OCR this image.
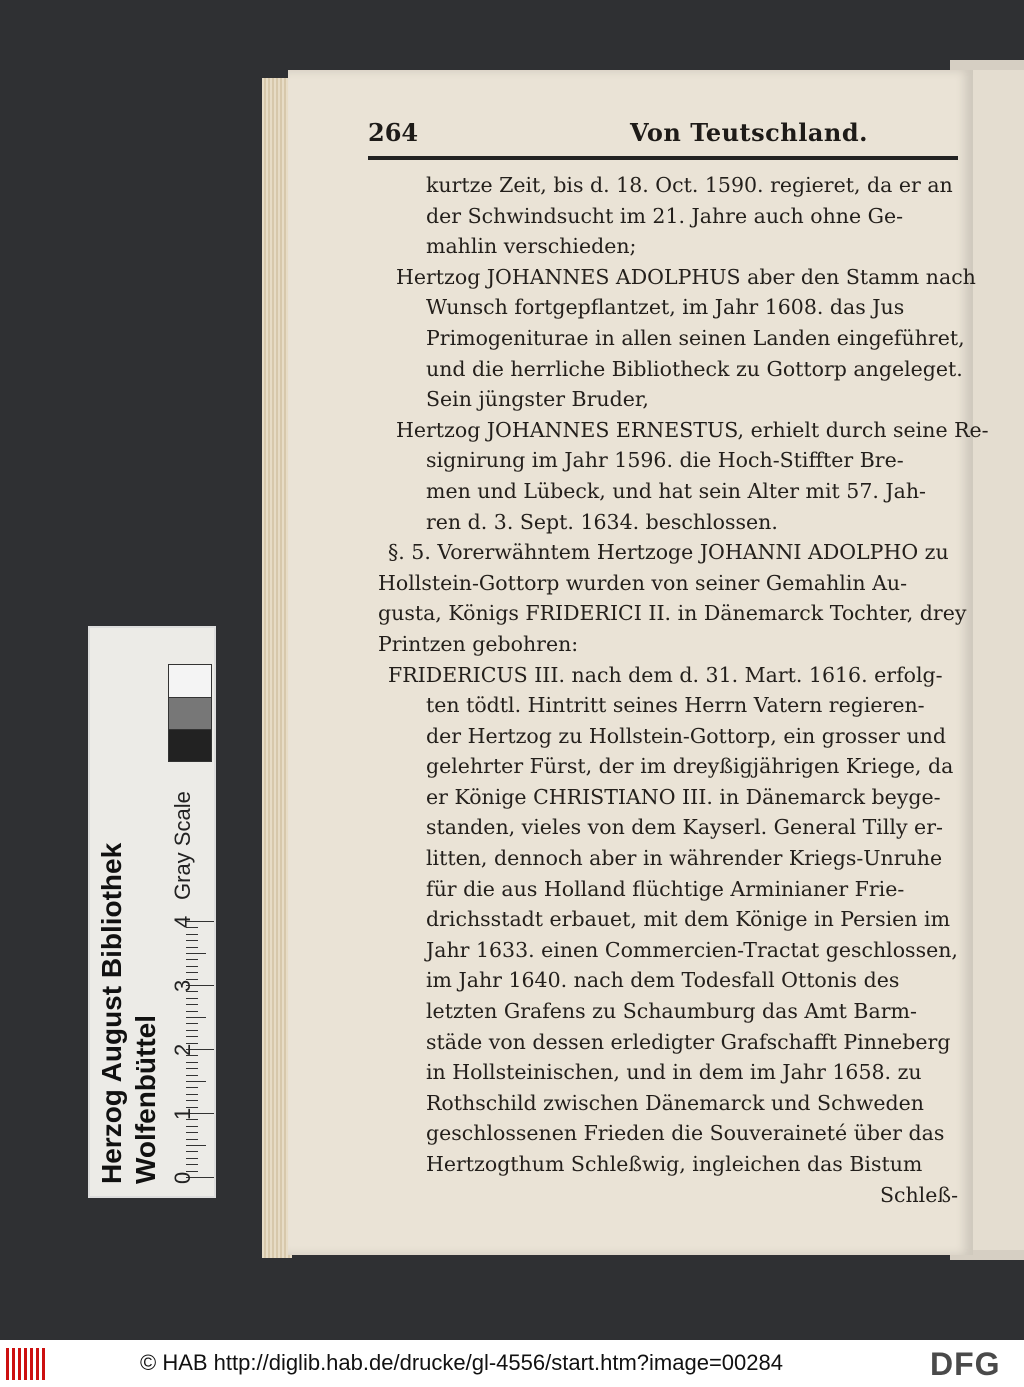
264	Von Teutschland.
kurtze Zeit, bis d. 18. Oct. 1590. regieret, da er an
der Schwindsucht im 21. Jahre auch ohne Ge-
mahlin verschieden;
Hertzog JOHANNES ADOLPHUS aber den Stamm nach
Wunsch fortgepflantzet, im Jahr 1608. das Jus
Primogeniturae in allen seinen Landen eingeführet,
und die herrliche Bibliotheck zu Gottorp angeleget.
Sein jüngster Bruder,
Hertzog JOHANNES ERNESTUS, erhielt durch seine Re-
signirung im Jahr 1596. die Hoch-Stiffter Bre-
men und Lübeck, und hat sein Alter mit 57. Jah-
ren d. 3. Sept. 1634. beschlossen.
§. 5. Vorerwähntem Hertzoge JOHANNI ADOLPHO zu
Hollstein-Gottorp wurden von seiner Gemahlin Au-
gusta, Königs FRIDERICI II. in Dänemarck Tochter, drey
Printzen gebohren:
FRIDERICUS III. nach dem d. 31. Mart. 1616. erfolg-
ten tödtl. Hintritt seines Herrn Vatern regieren-
der Hertzog zu Hollstein-Gottorp, ein grosser und
gelehrter Fürst, der im dreyßigjährigen Kriege, da
er Könige CHRISTIANO III. in Dänemarck beyge-
standen, vieles von dem Kayserl. General Tilly er-
litten, dennoch aber in währender Kriegs-Unruhe
für die aus Holland flüchtige Arminianer Frie-
drichsstadt erbauet, mit dem Könige in Persien im
Jahr 1633. einen Commercien-Tractat geschlossen,
im Jahr 1640. nach dem Todesfall Ottonis des
letzten Grafens zu Schaumburg das Amt Barm-
städe von dessen erledigter Grafschafft Pinneberg
in Hollsteinischen, und in dem im Jahr 1658. zu
Rothschild zwischen Dänemarck und Schweden
geschlossenen Frieden die Souveraineté über das
Hertzogthum Schleßwig, ingleichen das Bistum
Schleß-
Herzog August Bibliothek Wolfenbüttel 0
1
2
3
4
Gray Scale
© HAB http://diglib.hab.de/drucke/gl-4556/start.htm?image=00284	DFG
